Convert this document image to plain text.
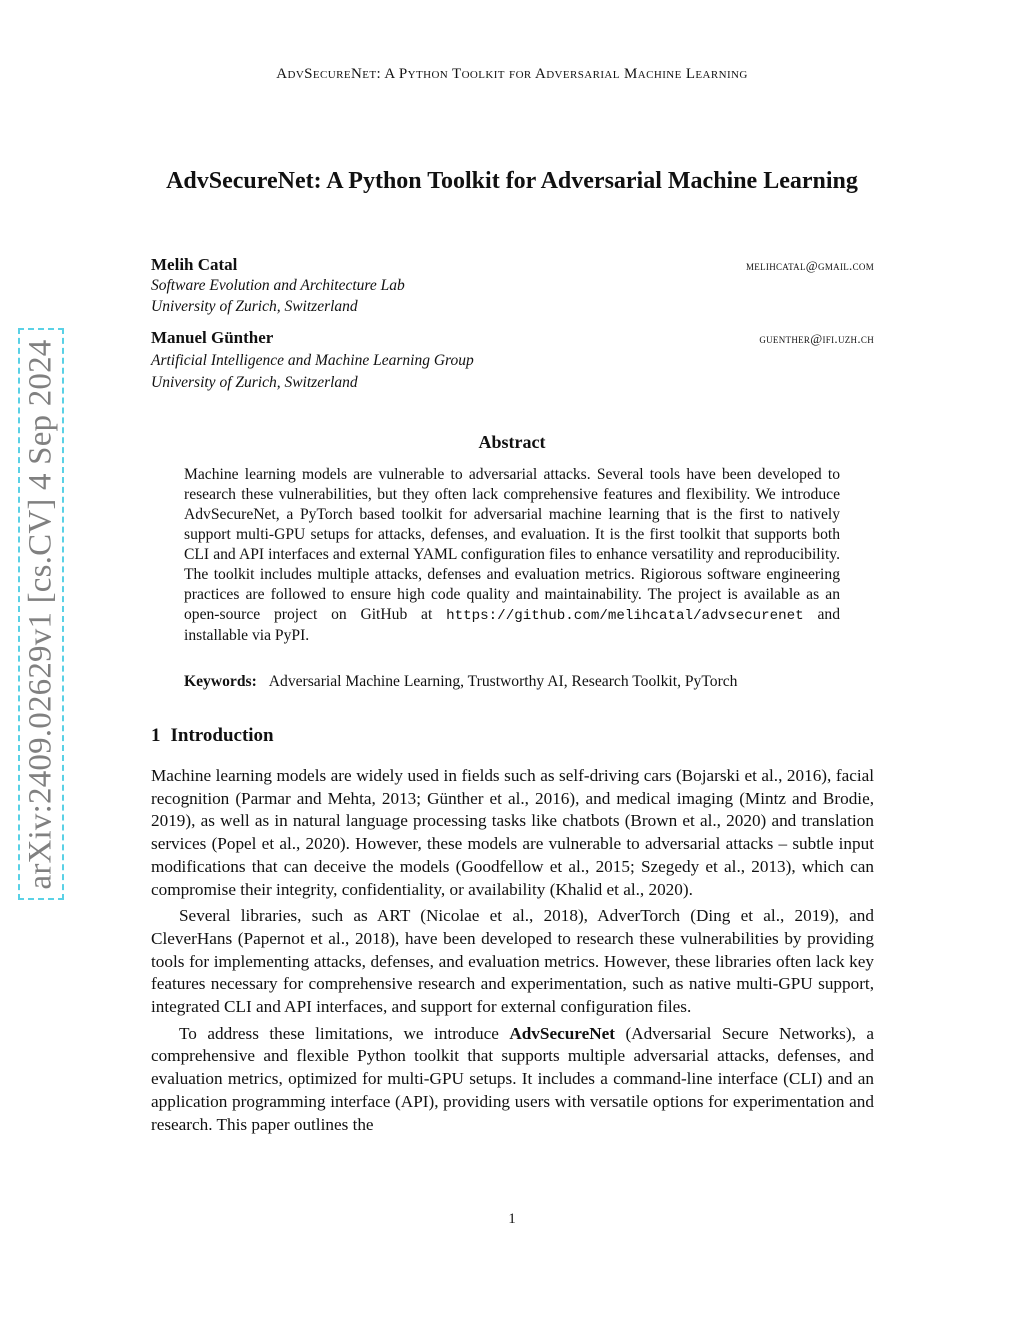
AdvSecureNet: A Python Toolkit for Adversarial Machine Learning
arXiv:2409.02629v1 [cs.CV] 4 Sep 2024
AdvSecureNet: A Python Toolkit for Adversarial Machine Learning
Melih Catal	melihcatal@gmail.com
Software Evolution and Architecture Lab
University of Zurich, Switzerland
Manuel Günther	guenther@ifi.uzh.ch
Artificial Intelligence and Machine Learning Group
University of Zurich, Switzerland
Abstract
Machine learning models are vulnerable to adversarial attacks. Several tools have been developed to research these vulnerabilities, but they often lack comprehensive features and flexibility. We introduce AdvSecureNet, a PyTorch based toolkit for adversarial machine learning that is the first to natively support multi-GPU setups for attacks, defenses, and evaluation. It is the first toolkit that supports both CLI and API interfaces and external YAML configuration files to enhance versatility and reproducibility. The toolkit includes multiple attacks, defenses and evaluation metrics. Rigiorous software engineering practices are followed to ensure high code quality and maintainability. The project is available as an open-source project on GitHub at https://github.com/melihcatal/advsecurenet and installable via PyPI.
Keywords: Adversarial Machine Learning, Trustworthy AI, Research Toolkit, PyTorch
1 Introduction

Machine learning models are widely used in fields such as self-driving cars (Bojarski et al., 2016), facial recognition (Parmar and Mehta, 2013; Günther et al., 2016), and medical imaging (Mintz and Brodie, 2019), as well as in natural language processing tasks like chatbots (Brown et al., 2020) and translation services (Popel et al., 2020). However, these models are vulnerable to adversarial attacks – subtle input modifications that can deceive the models (Goodfellow et al., 2015; Szegedy et al., 2013), which can compromise their integrity, confidentiality, or availability (Khalid et al., 2020).

Several libraries, such as ART (Nicolae et al., 2018), AdverTorch (Ding et al., 2019), and CleverHans (Papernot et al., 2018), have been developed to research these vulnerabilities by providing tools for implementing attacks, defenses, and evaluation metrics. However, these libraries often lack key features necessary for comprehensive research and experimentation, such as native multi-GPU support, integrated CLI and API interfaces, and support for external configuration files.

To address these limitations, we introduce AdvSecureNet (Adversarial Secure Networks), a comprehensive and flexible Python toolkit that supports multiple adversarial attacks, defenses, and evaluation metrics, optimized for multi-GPU setups. It includes a command-line interface (CLI) and an application programming interface (API), providing users with versatile options for experimentation and research. This paper outlines the

1
